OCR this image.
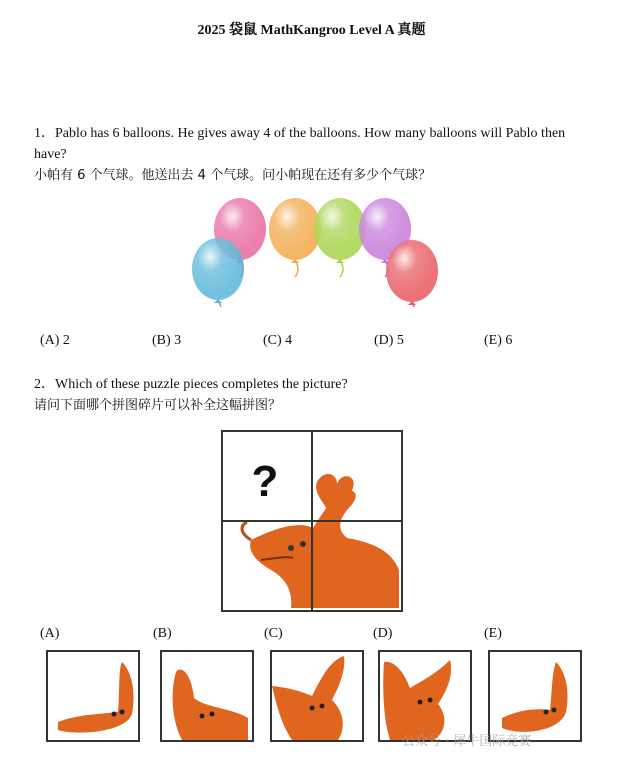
2025 袋鼠 MathKangroo Level A 真题
1．Pablo has 6 balloons. He gives away 4 of the balloons. How many balloons will Pablo then have?
小帕有 6 个气球。他送出去 4 个气球。问小帕现在还有多少个气球？
(A) 2	(B) 3	(C) 4	(D) 5	(E) 6
2．Which of these puzzle pieces completes the picture?
请问下面哪个拼图碎片可以补全这幅拼图？
?
(A)	(B)	(C)	(D)	(E)
公众号 · 犀牛国际竞赛
